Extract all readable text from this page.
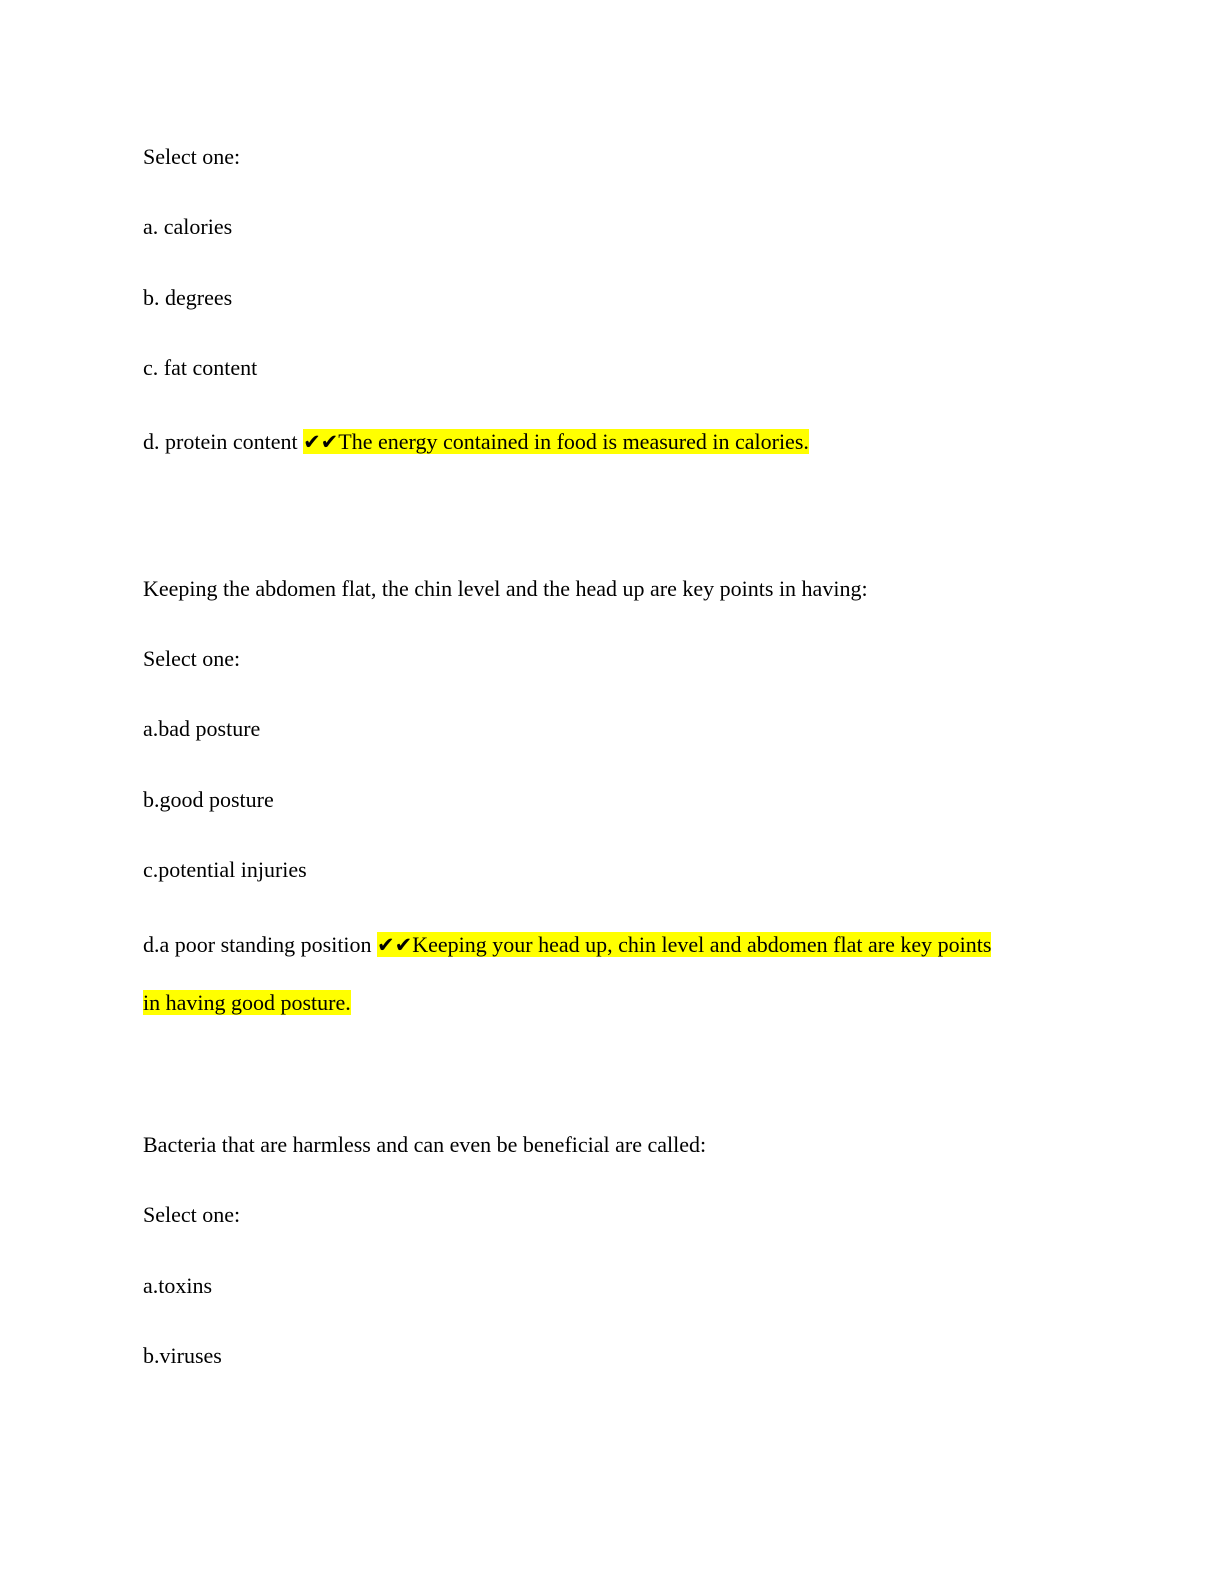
Select one:
a. calories
b. degrees
c. fat content
d. protein content ✔✔The energy contained in food is measured in calories.
Keeping the abdomen flat, the chin level and the head up are key points in having:
Select one:
a.bad posture
b.good posture
c.potential injuries
d.a poor standing position ✔✔Keeping your head up, chin level and abdomen flat are key points
in having good posture.
Bacteria that are harmless and can even be beneficial are called:
Select one:
a.toxins
b.viruses
